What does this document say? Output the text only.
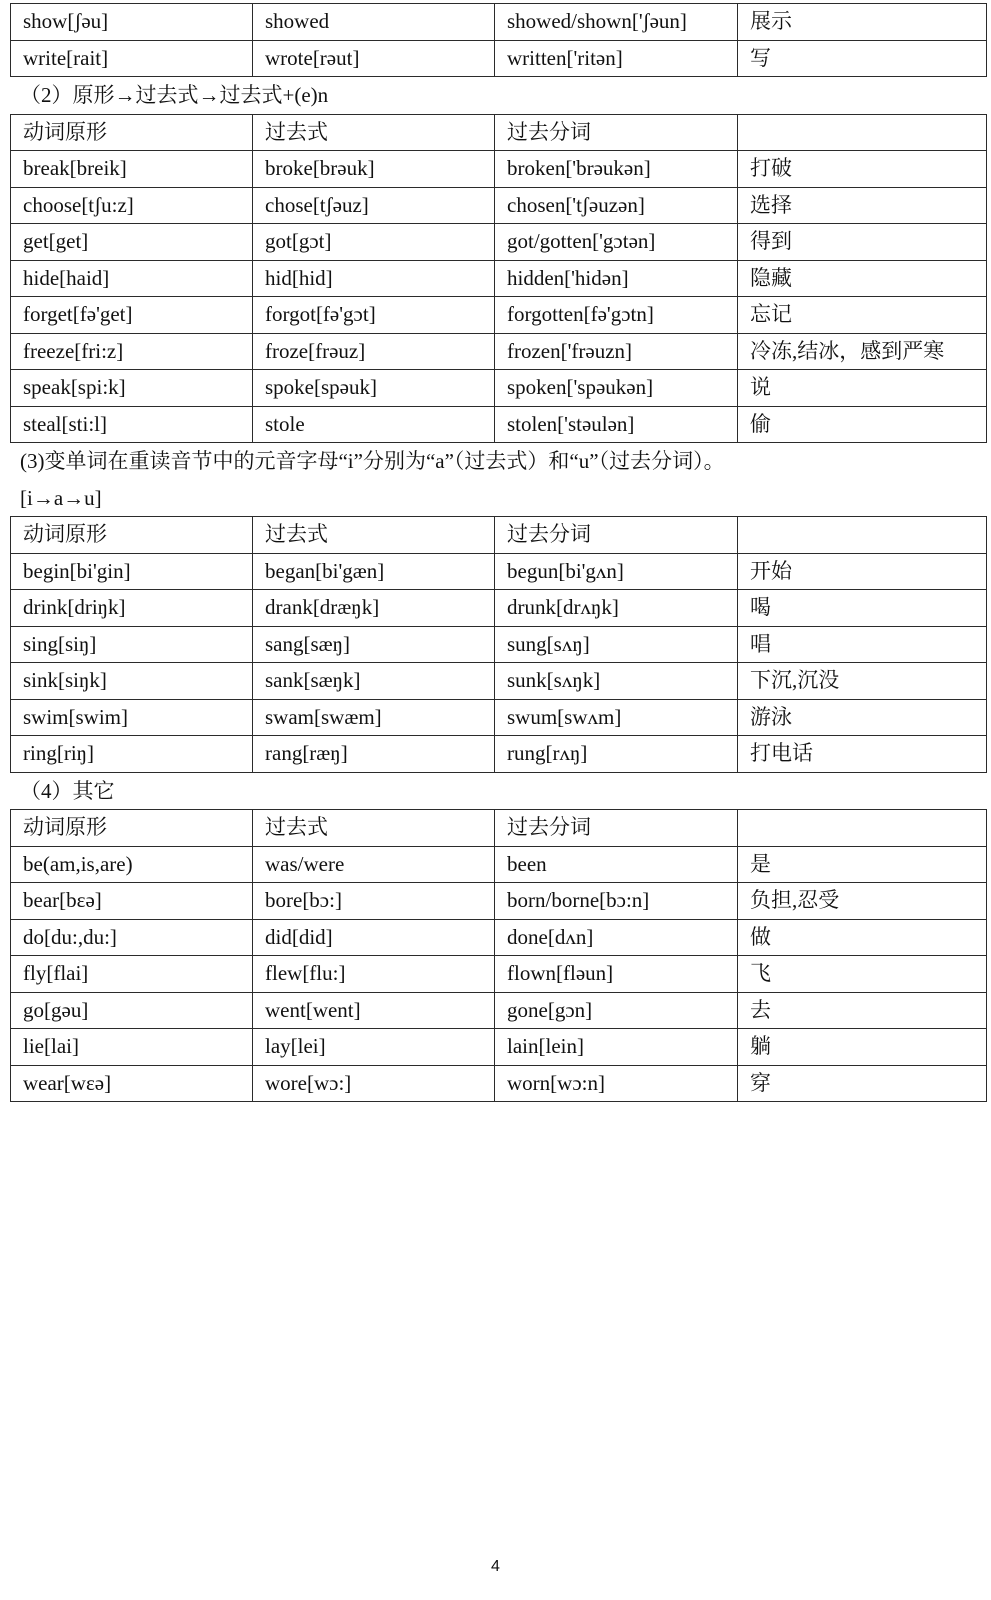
show[ʃəu]	showed	showed/shown['ʃəun]	展示
write[rait]	wrote[rəut]	written['ritən]	写
（2）原形→过去式→过去式+(e)n
动词原形	过去式	过去分词	
break[breik]	broke[brəuk]	broken['brəukən]	打破
choose[tʃu:z]	chose[tʃəuz]	chosen['tʃəuzən]	选择
get[get]	got[gɔt]	got/gotten['gɔtən]	得到
hide[haid]	hid[hid]	hidden['hidən]	隐藏
forget[fə'get]	forgot[fə'gɔt]	forgotten[fə'gɔtn]	忘记
freeze[fri:z]	froze[frəuz]	frozen['frəuzn]	冷冻,结冰，感到严寒
speak[spi:k]	spoke[spəuk]	spoken['spəukən]	说
steal[sti:l]	stole	stolen['stəulən]	偷
(3)变单词在重读音节中的元音字母“i”分别为“a”（过去式）和“u”（过去分词）。
[i→a→u]
动词原形	过去式	过去分词	
begin[bi'gin]	began[bi'gæn]	begun[bi'gʌn]	开始
drink[driŋk]	drank[dræŋk]	drunk[drʌŋk]	喝
sing[siŋ]	sang[sæŋ]	sung[sʌŋ]	唱
sink[siŋk]	sank[sæŋk]	sunk[sʌŋk]	下沉,沉没
swim[swim]	swam[swæm]	swum[swʌm]	游泳
ring[riŋ]	rang[ræŋ]	rung[rʌŋ]	打电话
（4）其它
动词原形	过去式	过去分词	
be(am,is,are)	was/were	been	是
bear[bεə]	bore[bɔ:]	born/borne[bɔ:n]	负担,忍受
do[du:,du:]	did[did]	done[dʌn]	做
fly[flai]	flew[flu:]	flown[fləun]	飞
go[gəu]	went[went]	gone[gɔn]	去
lie[lai]	lay[lei]	lain[lein]	躺
wear[wεə]	wore[wɔ:]	worn[wɔ:n]	穿
4
